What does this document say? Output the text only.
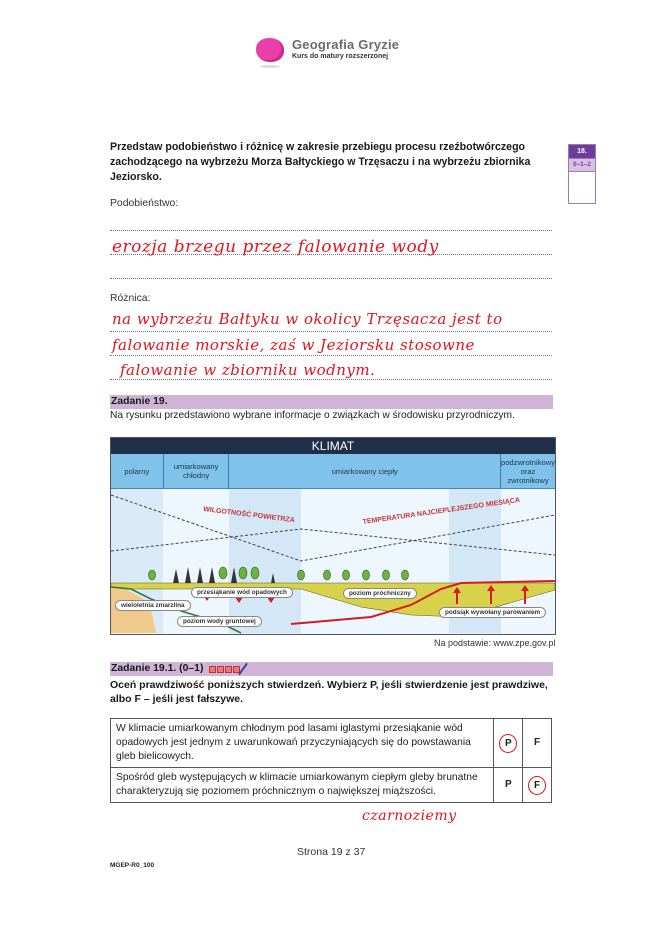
Geografia Gryzie
Kurs do matury rozszerzonej
Przedstaw podobieństwo i różnicę w zakresie przebiegu procesu rzeźbotwórczego zachodzącego na wybrzeżu Morza Bałtyckiego w Trzęsaczu i na wybrzeżu zbiornika Jeziorsko.
18.
0–1–2
Podobieństwo:
erozja brzegu przez falowanie wody
Różnica:
na wybrzeżu Bałtyku w okolicy Trzęsacza jest to
falowanie morskie, zaś w Jeziorsku stosowne
falowanie w zbiorniku wodnym.
Zadanie 19.
Na rysunku przedstawiono wybrane informacje o związkach w środowisku przyrodniczym.
KLIMAT
polarny	umiarkowany chłodny	umiarkowany ciepły
podzwrotnikowy oraz zwrotnikowy
WILGOTNOŚĆ POWIETRZA	TEMPERATURA NAJCIEPLEJSZEGO MIESIĄCA
przesiąkanie wód opadowych
wieloletnia zmarzlina
poziom wody gruntowej
poziom próchniczny
podsiąk wywołany parowaniem
Na podstawie: www.zpe.gov.pl
Zadanie 19.1. (0–1)
Oceń prawdziwość poniższych stwierdzeń. Wybierz P, jeśli stwierdzenie jest prawdziwe, albo F – jeśli jest fałszywe.
W klimacie umiarkowanym chłodnym pod lasami iglastymi przesiąkanie wód opadowych jest jednym z uwarunkowań przyczyniających się do powstawania gleb bielicowych.	P	F
Spośród gleb występujących w klimacie umiarkowanym ciepłym gleby brunatne charakteryzują się poziomem próchnicznym o największej miąższości.	P	F
czarnoziemy
Strona 19 z 37
MGEP-R0_100
